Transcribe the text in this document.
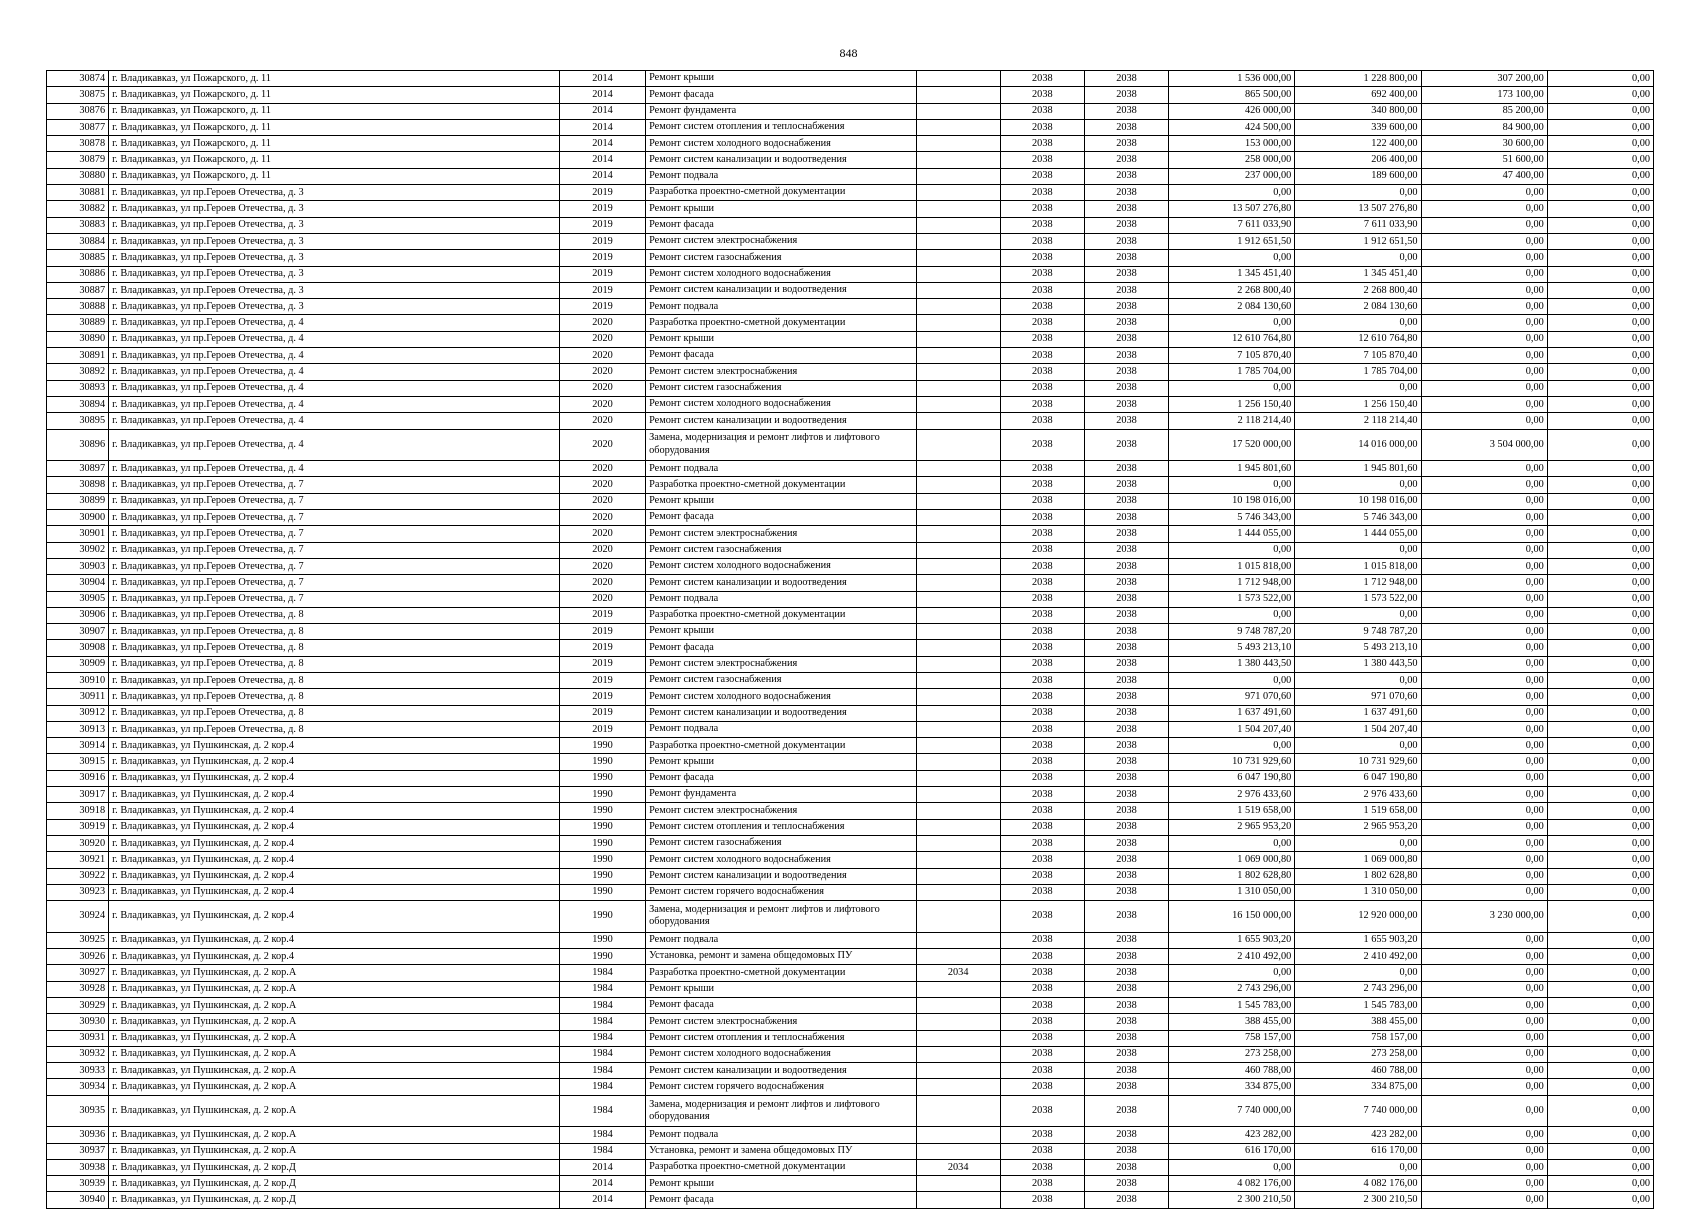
848
30874	г. Владикавказ, ул Пожарского, д. 11	2014	Ремонт крыши		2038	2038	1 536 000,00	1 228 800,00	307 200,00	0,00
30875	г. Владикавказ, ул Пожарского, д. 11	2014	Ремонт фасада		2038	2038	865 500,00	692 400,00	173 100,00	0,00
30876	г. Владикавказ, ул Пожарского, д. 11	2014	Ремонт фундамента		2038	2038	426 000,00	340 800,00	85 200,00	0,00
30877	г. Владикавказ, ул Пожарского, д. 11	2014	Ремонт систем отопления и теплоснабжения		2038	2038	424 500,00	339 600,00	84 900,00	0,00
30878	г. Владикавказ, ул Пожарского, д. 11	2014	Ремонт систем холодного водоснабжения		2038	2038	153 000,00	122 400,00	30 600,00	0,00
30879	г. Владикавказ, ул Пожарского, д. 11	2014	Ремонт систем канализации и водоотведения		2038	2038	258 000,00	206 400,00	51 600,00	0,00
30880	г. Владикавказ, ул Пожарского, д. 11	2014	Ремонт подвала		2038	2038	237 000,00	189 600,00	47 400,00	0,00
30881	г. Владикавказ, ул пр.Героев Отечества, д. 3	2019	Разработка проектно-сметной документации		2038	2038	0,00	0,00	0,00	0,00
30882	г. Владикавказ, ул пр.Героев Отечества, д. 3	2019	Ремонт крыши		2038	2038	13 507 276,80	13 507 276,80	0,00	0,00
30883	г. Владикавказ, ул пр.Героев Отечества, д. 3	2019	Ремонт фасада		2038	2038	7 611 033,90	7 611 033,90	0,00	0,00
30884	г. Владикавказ, ул пр.Героев Отечества, д. 3	2019	Ремонт систем электроснабжения		2038	2038	1 912 651,50	1 912 651,50	0,00	0,00
30885	г. Владикавказ, ул пр.Героев Отечества, д. 3	2019	Ремонт систем газоснабжения		2038	2038	0,00	0,00	0,00	0,00
30886	г. Владикавказ, ул пр.Героев Отечества, д. 3	2019	Ремонт систем холодного водоснабжения		2038	2038	1 345 451,40	1 345 451,40	0,00	0,00
30887	г. Владикавказ, ул пр.Героев Отечества, д. 3	2019	Ремонт систем канализации и водоотведения		2038	2038	2 268 800,40	2 268 800,40	0,00	0,00
30888	г. Владикавказ, ул пр.Героев Отечества, д. 3	2019	Ремонт подвала		2038	2038	2 084 130,60	2 084 130,60	0,00	0,00
30889	г. Владикавказ, ул пр.Героев Отечества, д. 4	2020	Разработка проектно-сметной документации		2038	2038	0,00	0,00	0,00	0,00
30890	г. Владикавказ, ул пр.Героев Отечества, д. 4	2020	Ремонт крыши		2038	2038	12 610 764,80	12 610 764,80	0,00	0,00
30891	г. Владикавказ, ул пр.Героев Отечества, д. 4	2020	Ремонт фасада		2038	2038	7 105 870,40	7 105 870,40	0,00	0,00
30892	г. Владикавказ, ул пр.Героев Отечества, д. 4	2020	Ремонт систем электроснабжения		2038	2038	1 785 704,00	1 785 704,00	0,00	0,00
30893	г. Владикавказ, ул пр.Героев Отечества, д. 4	2020	Ремонт систем газоснабжения		2038	2038	0,00	0,00	0,00	0,00
30894	г. Владикавказ, ул пр.Героев Отечества, д. 4	2020	Ремонт систем холодного водоснабжения		2038	2038	1 256 150,40	1 256 150,40	0,00	0,00
30895	г. Владикавказ, ул пр.Героев Отечества, д. 4	2020	Ремонт систем канализации и водоотведения		2038	2038	2 118 214,40	2 118 214,40	0,00	0,00
30896	г. Владикавказ, ул пр.Героев Отечества, д. 4	2020	Замена, модернизация и ремонт лифтов и лифтового оборудования		2038	2038	17 520 000,00	14 016 000,00	3 504 000,00	0,00
30897	г. Владикавказ, ул пр.Героев Отечества, д. 4	2020	Ремонт подвала		2038	2038	1 945 801,60	1 945 801,60	0,00	0,00
30898	г. Владикавказ, ул пр.Героев Отечества, д. 7	2020	Разработка проектно-сметной документации		2038	2038	0,00	0,00	0,00	0,00
30899	г. Владикавказ, ул пр.Героев Отечества, д. 7	2020	Ремонт крыши		2038	2038	10 198 016,00	10 198 016,00	0,00	0,00
30900	г. Владикавказ, ул пр.Героев Отечества, д. 7	2020	Ремонт фасада		2038	2038	5 746 343,00	5 746 343,00	0,00	0,00
30901	г. Владикавказ, ул пр.Героев Отечества, д. 7	2020	Ремонт систем электроснабжения		2038	2038	1 444 055,00	1 444 055,00	0,00	0,00
30902	г. Владикавказ, ул пр.Героев Отечества, д. 7	2020	Ремонт систем газоснабжения		2038	2038	0,00	0,00	0,00	0,00
30903	г. Владикавказ, ул пр.Героев Отечества, д. 7	2020	Ремонт систем холодного водоснабжения		2038	2038	1 015 818,00	1 015 818,00	0,00	0,00
30904	г. Владикавказ, ул пр.Героев Отечества, д. 7	2020	Ремонт систем канализации и водоотведения		2038	2038	1 712 948,00	1 712 948,00	0,00	0,00
30905	г. Владикавказ, ул пр.Героев Отечества, д. 7	2020	Ремонт подвала		2038	2038	1 573 522,00	1 573 522,00	0,00	0,00
30906	г. Владикавказ, ул пр.Героев Отечества, д. 8	2019	Разработка проектно-сметной документации		2038	2038	0,00	0,00	0,00	0,00
30907	г. Владикавказ, ул пр.Героев Отечества, д. 8	2019	Ремонт крыши		2038	2038	9 748 787,20	9 748 787,20	0,00	0,00
30908	г. Владикавказ, ул пр.Героев Отечества, д. 8	2019	Ремонт фасада		2038	2038	5 493 213,10	5 493 213,10	0,00	0,00
30909	г. Владикавказ, ул пр.Героев Отечества, д. 8	2019	Ремонт систем электроснабжения		2038	2038	1 380 443,50	1 380 443,50	0,00	0,00
30910	г. Владикавказ, ул пр.Героев Отечества, д. 8	2019	Ремонт систем газоснабжения		2038	2038	0,00	0,00	0,00	0,00
30911	г. Владикавказ, ул пр.Героев Отечества, д. 8	2019	Ремонт систем холодного водоснабжения		2038	2038	971 070,60	971 070,60	0,00	0,00
30912	г. Владикавказ, ул пр.Героев Отечества, д. 8	2019	Ремонт систем канализации и водоотведения		2038	2038	1 637 491,60	1 637 491,60	0,00	0,00
30913	г. Владикавказ, ул пр.Героев Отечества, д. 8	2019	Ремонт подвала		2038	2038	1 504 207,40	1 504 207,40	0,00	0,00
30914	г. Владикавказ, ул Пушкинская, д. 2 кор.4	1990	Разработка проектно-сметной документации		2038	2038	0,00	0,00	0,00	0,00
30915	г. Владикавказ, ул Пушкинская, д. 2 кор.4	1990	Ремонт крыши		2038	2038	10 731 929,60	10 731 929,60	0,00	0,00
30916	г. Владикавказ, ул Пушкинская, д. 2 кор.4	1990	Ремонт фасада		2038	2038	6 047 190,80	6 047 190,80	0,00	0,00
30917	г. Владикавказ, ул Пушкинская, д. 2 кор.4	1990	Ремонт фундамента		2038	2038	2 976 433,60	2 976 433,60	0,00	0,00
30918	г. Владикавказ, ул Пушкинская, д. 2 кор.4	1990	Ремонт систем электроснабжения		2038	2038	1 519 658,00	1 519 658,00	0,00	0,00
30919	г. Владикавказ, ул Пушкинская, д. 2 кор.4	1990	Ремонт систем отопления и теплоснабжения		2038	2038	2 965 953,20	2 965 953,20	0,00	0,00
30920	г. Владикавказ, ул Пушкинская, д. 2 кор.4	1990	Ремонт систем газоснабжения		2038	2038	0,00	0,00	0,00	0,00
30921	г. Владикавказ, ул Пушкинская, д. 2 кор.4	1990	Ремонт систем холодного водоснабжения		2038	2038	1 069 000,80	1 069 000,80	0,00	0,00
30922	г. Владикавказ, ул Пушкинская, д. 2 кор.4	1990	Ремонт систем канализации и водоотведения		2038	2038	1 802 628,80	1 802 628,80	0,00	0,00
30923	г. Владикавказ, ул Пушкинская, д. 2 кор.4	1990	Ремонт систем горячего водоснабжения		2038	2038	1 310 050,00	1 310 050,00	0,00	0,00
30924	г. Владикавказ, ул Пушкинская, д. 2 кор.4	1990	Замена, модернизация и ремонт лифтов и лифтового оборудования		2038	2038	16 150 000,00	12 920 000,00	3 230 000,00	0,00
30925	г. Владикавказ, ул Пушкинская, д. 2 кор.4	1990	Ремонт подвала		2038	2038	1 655 903,20	1 655 903,20	0,00	0,00
30926	г. Владикавказ, ул Пушкинская, д. 2 кор.4	1990	Установка, ремонт и замена общедомовых ПУ		2038	2038	2 410 492,00	2 410 492,00	0,00	0,00
30927	г. Владикавказ, ул Пушкинская, д. 2 кор.А	1984	Разработка проектно-сметной документации	2034	2038	2038	0,00	0,00	0,00	0,00
30928	г. Владикавказ, ул Пушкинская, д. 2 кор.А	1984	Ремонт крыши		2038	2038	2 743 296,00	2 743 296,00	0,00	0,00
30929	г. Владикавказ, ул Пушкинская, д. 2 кор.А	1984	Ремонт фасада		2038	2038	1 545 783,00	1 545 783,00	0,00	0,00
30930	г. Владикавказ, ул Пушкинская, д. 2 кор.А	1984	Ремонт систем электроснабжения		2038	2038	388 455,00	388 455,00	0,00	0,00
30931	г. Владикавказ, ул Пушкинская, д. 2 кор.А	1984	Ремонт систем отопления и теплоснабжения		2038	2038	758 157,00	758 157,00	0,00	0,00
30932	г. Владикавказ, ул Пушкинская, д. 2 кор.А	1984	Ремонт систем холодного водоснабжения		2038	2038	273 258,00	273 258,00	0,00	0,00
30933	г. Владикавказ, ул Пушкинская, д. 2 кор.А	1984	Ремонт систем канализации и водоотведения		2038	2038	460 788,00	460 788,00	0,00	0,00
30934	г. Владикавказ, ул Пушкинская, д. 2 кор.А	1984	Ремонт систем горячего водоснабжения		2038	2038	334 875,00	334 875,00	0,00	0,00
30935	г. Владикавказ, ул Пушкинская, д. 2 кор.А	1984	Замена, модернизация и ремонт лифтов и лифтового оборудования		2038	2038	7 740 000,00	7 740 000,00	0,00	0,00
30936	г. Владикавказ, ул Пушкинская, д. 2 кор.А	1984	Ремонт подвала		2038	2038	423 282,00	423 282,00	0,00	0,00
30937	г. Владикавказ, ул Пушкинская, д. 2 кор.А	1984	Установка, ремонт и замена общедомовых ПУ		2038	2038	616 170,00	616 170,00	0,00	0,00
30938	г. Владикавказ, ул Пушкинская, д. 2 кор.Д	2014	Разработка проектно-сметной документации	2034	2038	2038	0,00	0,00	0,00	0,00
30939	г. Владикавказ, ул Пушкинская, д. 2 кор.Д	2014	Ремонт крыши		2038	2038	4 082 176,00	4 082 176,00	0,00	0,00
30940	г. Владикавказ, ул Пушкинская, д. 2 кор.Д	2014	Ремонт фасада		2038	2038	2 300 210,50	2 300 210,50	0,00	0,00
